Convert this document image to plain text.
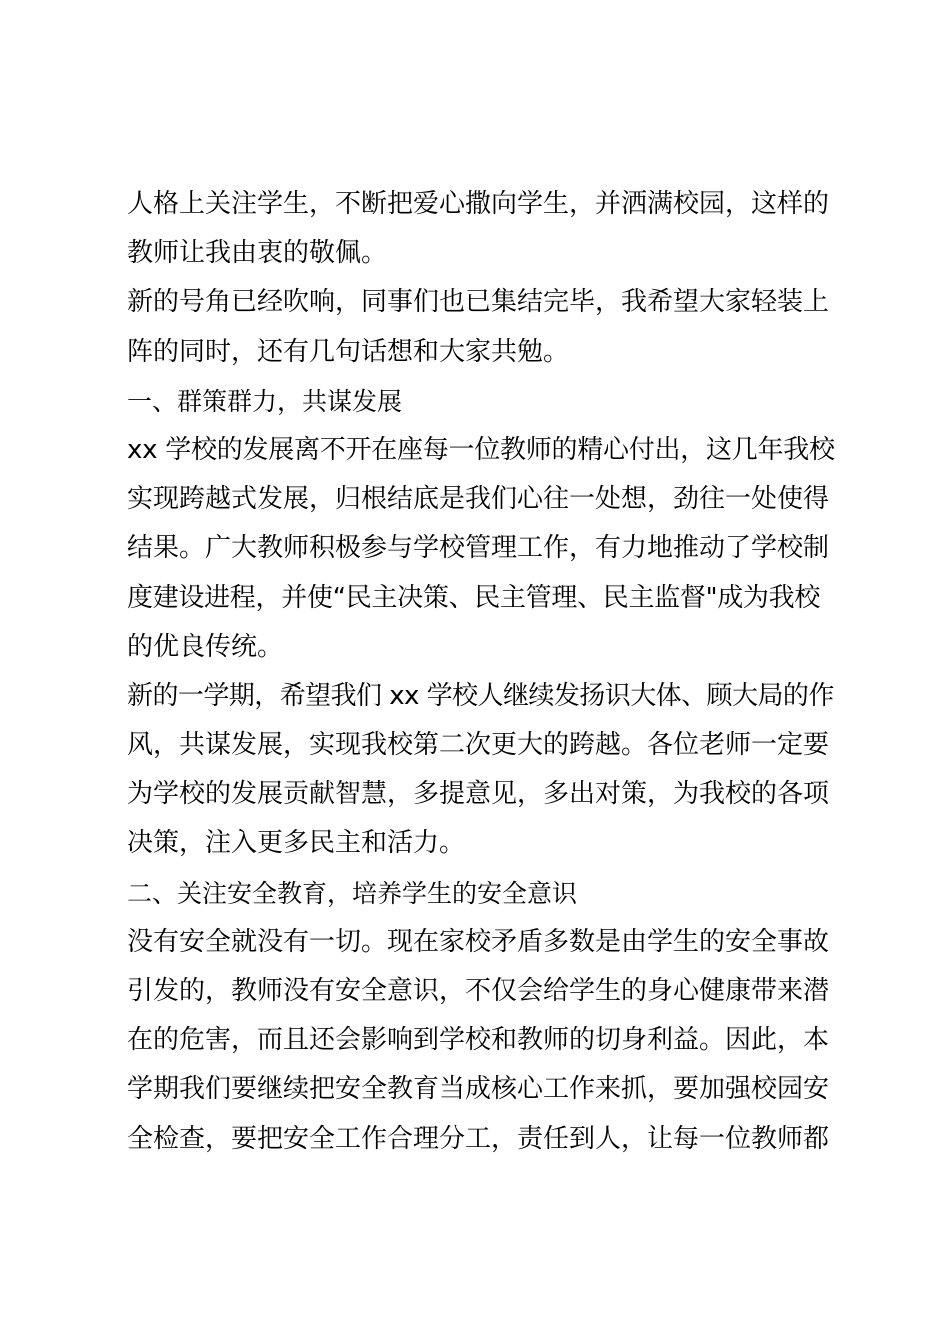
人格上关注学生，不断把爱心撒向学生，并洒满校园，这样的
教师让我由衷的敬佩。
新的号角已经吹响，同事们也已集结完毕，我希望大家轻装上
阵的同时，还有几句话想和大家共勉。
一、群策群力，共谋发展
xx 学校的发展离不开在座每一位教师的精心付出，这几年我校
实现跨越式发展，归根结底是我们心往一处想，劲往一处使得
结果。广大教师积极参与学校管理工作，有力地推动了学校制
度建设进程，并使“民主决策、民主管理、民主监督"成为我校
的优良传统。
新的一学期，希望我们 xx 学校人继续发扬识大体、顾大局的作
风，共谋发展，实现我校第二次更大的跨越。各位老师一定要
为学校的发展贡献智慧，多提意见，多出对策，为我校的各项
决策，注入更多民主和活力。
二、关注安全教育，培养学生的安全意识
没有安全就没有一切。现在家校矛盾多数是由学生的安全事故
引发的，教师没有安全意识，不仅会给学生的身心健康带来潜
在的危害，而且还会影响到学校和教师的切身利益。因此，本
学期我们要继续把安全教育当成核心工作来抓，要加强校园安
全检查，要把安全工作合理分工，责任到人，让每一位教师都
